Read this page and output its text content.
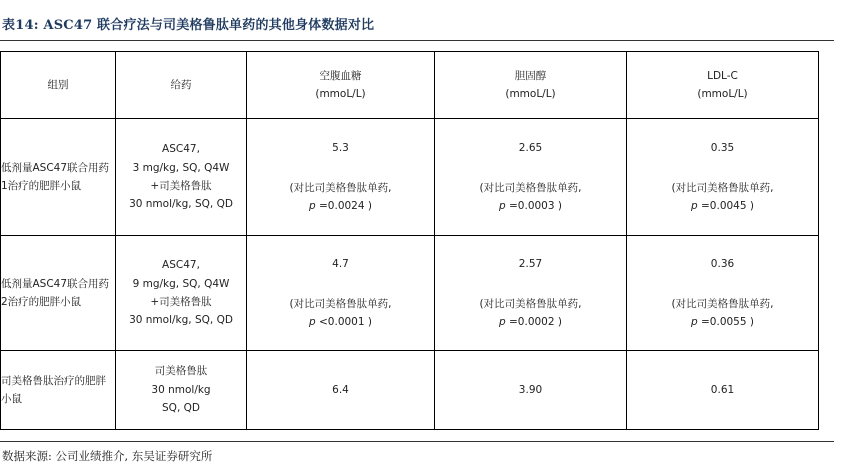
表14: ASC47 联合疗法与司美格鲁肽单药的其他身体数据对比
组别	给药	空腹血糖
(mmoL/L)	胆固醇
(mmoL/L)	LDL-C
(mmoL/L)

低剂量ASC47联合用药1治疗的肥胖小鼠	ASC47,
3 mg/kg, SQ, Q4W
+司美格鲁肽
30 nmol/kg, SQ, QD	5.3
(对比司美格鲁肽单药,
p =0.0024 )	2.65
(对比司美格鲁肽单药,
p =0.0003 )	0.35
(对比司美格鲁肽单药,
p =0.0045 )

低剂量ASC47联合用药2治疗的肥胖小鼠	ASC47,
9 mg/kg, SQ, Q4W
+司美格鲁肽
30 nmol/kg, SQ, QD	4.7
(对比司美格鲁肽单药,
p <0.0001 )	2.57
(对比司美格鲁肽单药,
p =0.0002 )	0.36
(对比司美格鲁肽单药,
p =0.0055 )

司美格鲁肽治疗的肥胖小鼠	司美格鲁肽
30 nmol/kg
SQ, QD	6.4	3.90	0.61
数据来源: 公司业绩推介, 东吴证券研究所
